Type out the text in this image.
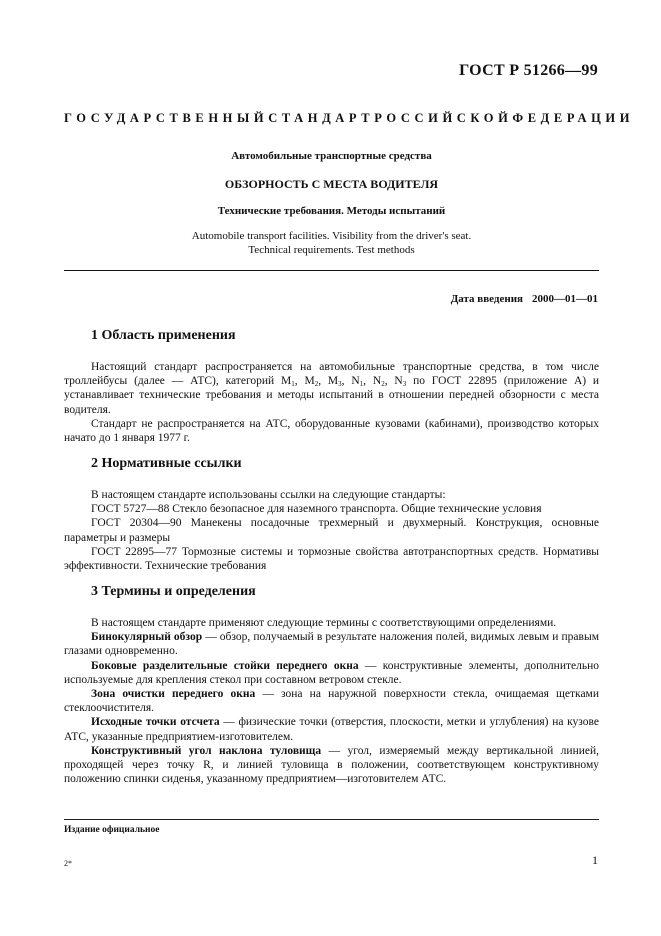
ГОСТ Р 51266—99
ГОСУДАРСТВЕННЫЙ СТАНДАРТ РОССИЙСКОЙ ФЕДЕРАЦИИ
Автомобильные транспортные средства
ОБЗОРНОСТЬ С МЕСТА ВОДИТЕЛЯ
Технические требования. Методы испытаний
Automobile transport facilities. Visibility from the driver's seat.
Technical requirements. Test methods
Дата введения 2000—01—01
1 Область применения

Настоящий стандарт распространяется на автомобильные транспортные средства, в том числе троллейбусы (далее — АТС), категорий $M_1$, $M_2$, $M_3$, $N_1$, $N_2$, $N_3$ по ГОСТ 22895 (приложение А) и устанавливает технические требования и методы испытаний в отношении передней обзорности с места водителя.

Стандарт не распространяется на АТС, оборудованные кузовами (кабинами), производство которых начато до 1 января 1977 г.

2 Нормативные ссылки

В настоящем стандарте использованы ссылки на следующие стандарты:

ГОСТ 5727—88 Стекло безопасное для наземного транспорта. Общие технические условия

ГОСТ 20304—90 Манекены посадочные трехмерный и двухмерный. Конструкция, основные параметры и размеры

ГОСТ 22895—77 Тормозные системы и тормозные свойства автотранспортных средств. Нормативы эффективности. Технические требования

3 Термины и определения

В настоящем стандарте применяют следующие термины с соответствующими определениями.

Бинокулярный обзор — обзор, получаемый в результате наложения полей, видимых левым и правым глазами одновременно.

Боковые разделительные стойки переднего окна — конструктивные элементы, дополнительно используемые для крепления стекол при составном ветровом стекле.

Зона очистки переднего окна — зона на наружной поверхности стекла, очищаемая щетками стеклоочистителя.

Исходные точки отсчета — физические точки (отверстия, плоскости, метки и углубления) на кузове АТС, указанные предприятием-изготовителем.

Конструктивный угол наклона туловища — угол, измеряемый между вертикальной линией, проходящей через точку R, и линией туловища в положении, соответствующем конструктивному положению спинки сиденья, указанному предприятием—изготовителем АТС.

Издание официальное
2*	1
